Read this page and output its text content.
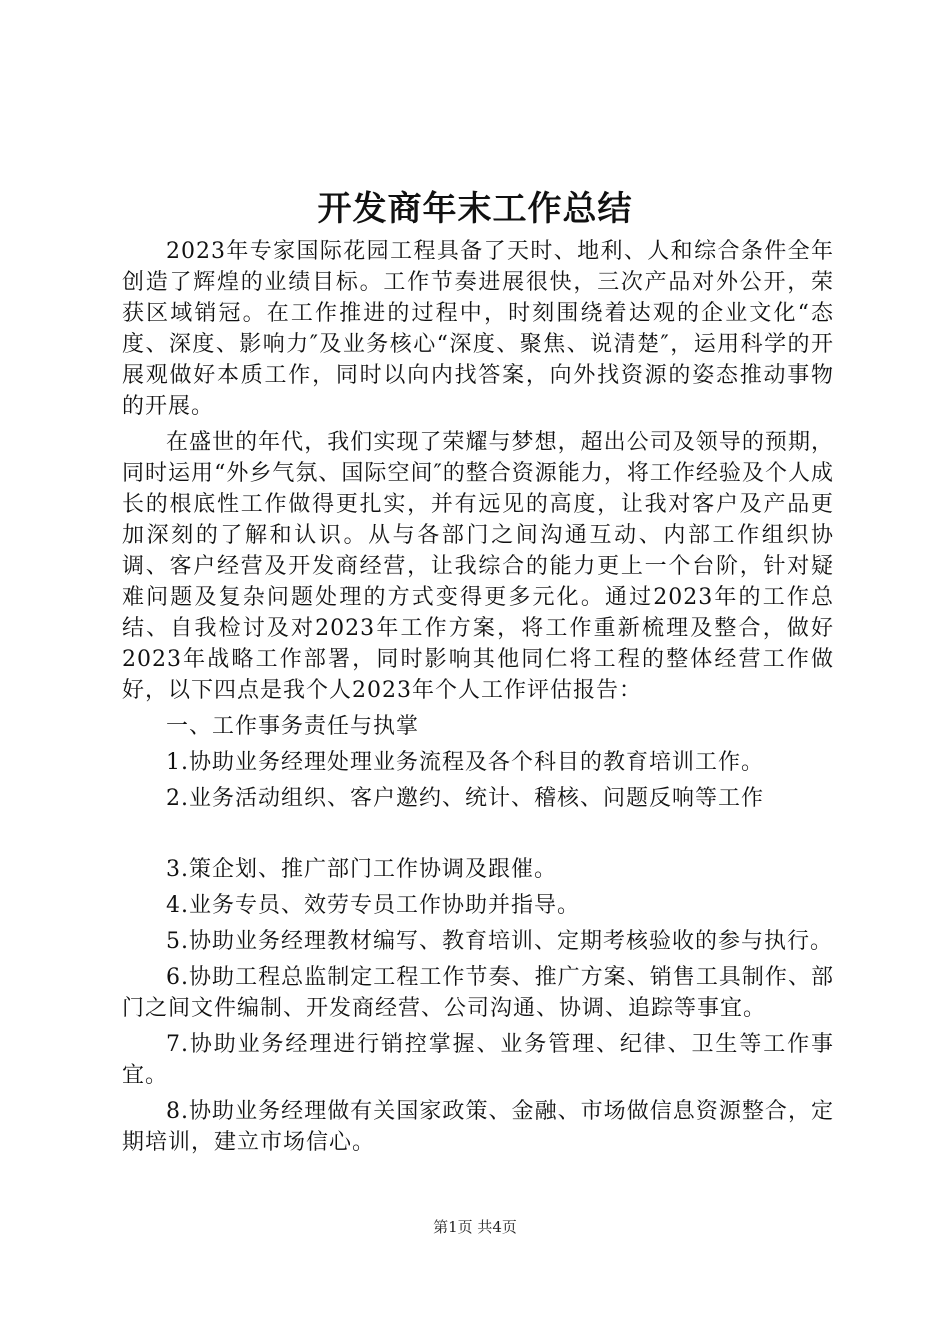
开发商年末工作总结

2023年专家国际花园工程具备了天时、地利、人和综合条件全年创造了辉煌的业绩目标。工作节奏进展很快，三次产品对外公开，荣获区域销冠。在工作推进的过程中，时刻围绕着达观的企业文化“态度、深度、影响力″及业务核心“深度、聚焦、说清楚″，运用科学的开展观做好本质工作，同时以向内找答案，向外找资源的姿态推动事物的开展。

在盛世的年代，我们实现了荣耀与梦想，超出公司及领导的预期，同时运用“外乡气氛、国际空间″的整合资源能力，将工作经验及个人成长的根底性工作做得更扎实，并有远见的高度，让我对客户及产品更加深刻的了解和认识。从与各部门之间沟通互动、内部工作组织协调、客户经营及开发商经营，让我综合的能力更上一个台阶，针对疑难问题及复杂问题处理的方式变得更多元化。通过2023年的工作总结、自我检讨及对2023年工作方案，将工作重新梳理及整合，做好2023年战略工作部署，同时影响其他同仁将工程的整体经营工作做好，以下四点是我个人2023年个人工作评估报告：

一、工作事务责任与执掌

1.协助业务经理处理业务流程及各个科目的教育培训工作。

2.业务活动组织、客户邀约、统计、稽核、问题反响等工作

3.策企划、推广部门工作协调及跟催。

4.业务专员、效劳专员工作协助并指导。

5.协助业务经理教材编写、教育培训、定期考核验收的参与执行。

6.协助工程总监制定工程工作节奏、推广方案、销售工具制作、部门之间文件编制、开发商经营、公司沟通、协调、追踪等事宜。

7.协助业务经理进行销控掌握、业务管理、纪律、卫生等工作事宜。

8.协助业务经理做有关国家政策、金融、市场做信息资源整合，定期培训，建立市场信心。

第1页 共4页
